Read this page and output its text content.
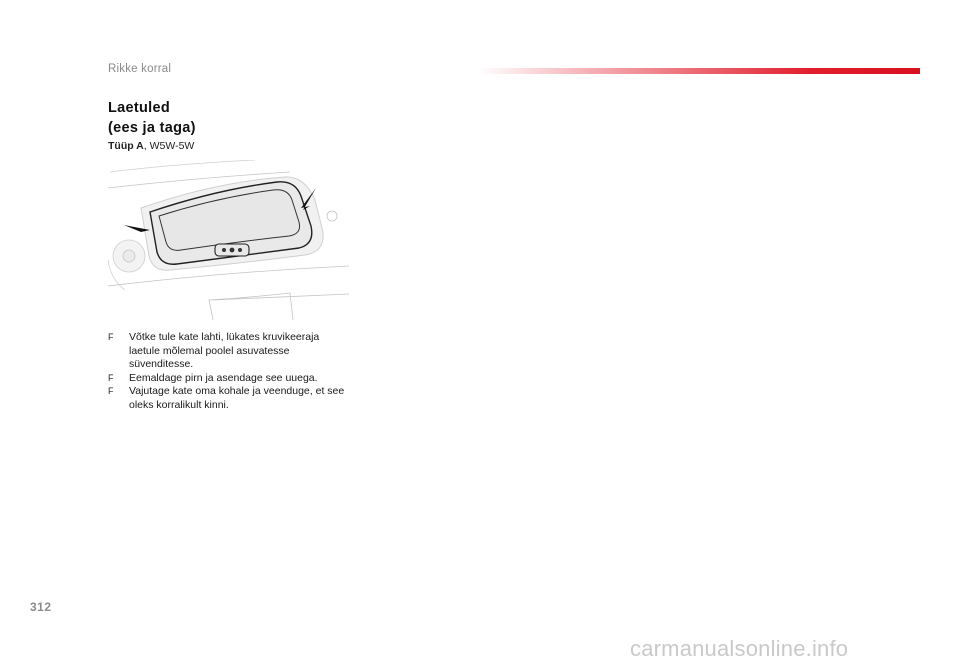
Rikke korral
Laetuled
(ees ja taga)
Tüüp A, W5W-5W
F Võtke tule kate lahti, lükates kruvikeeraja laetule mõlemal poolel asuvatesse süvenditesse.
F Eemaldage pirn ja asendage see uuega.
F Vajutage kate oma kohale ja veenduge, et see oleks korralikult kinni.
312
carmanualsonline.info
